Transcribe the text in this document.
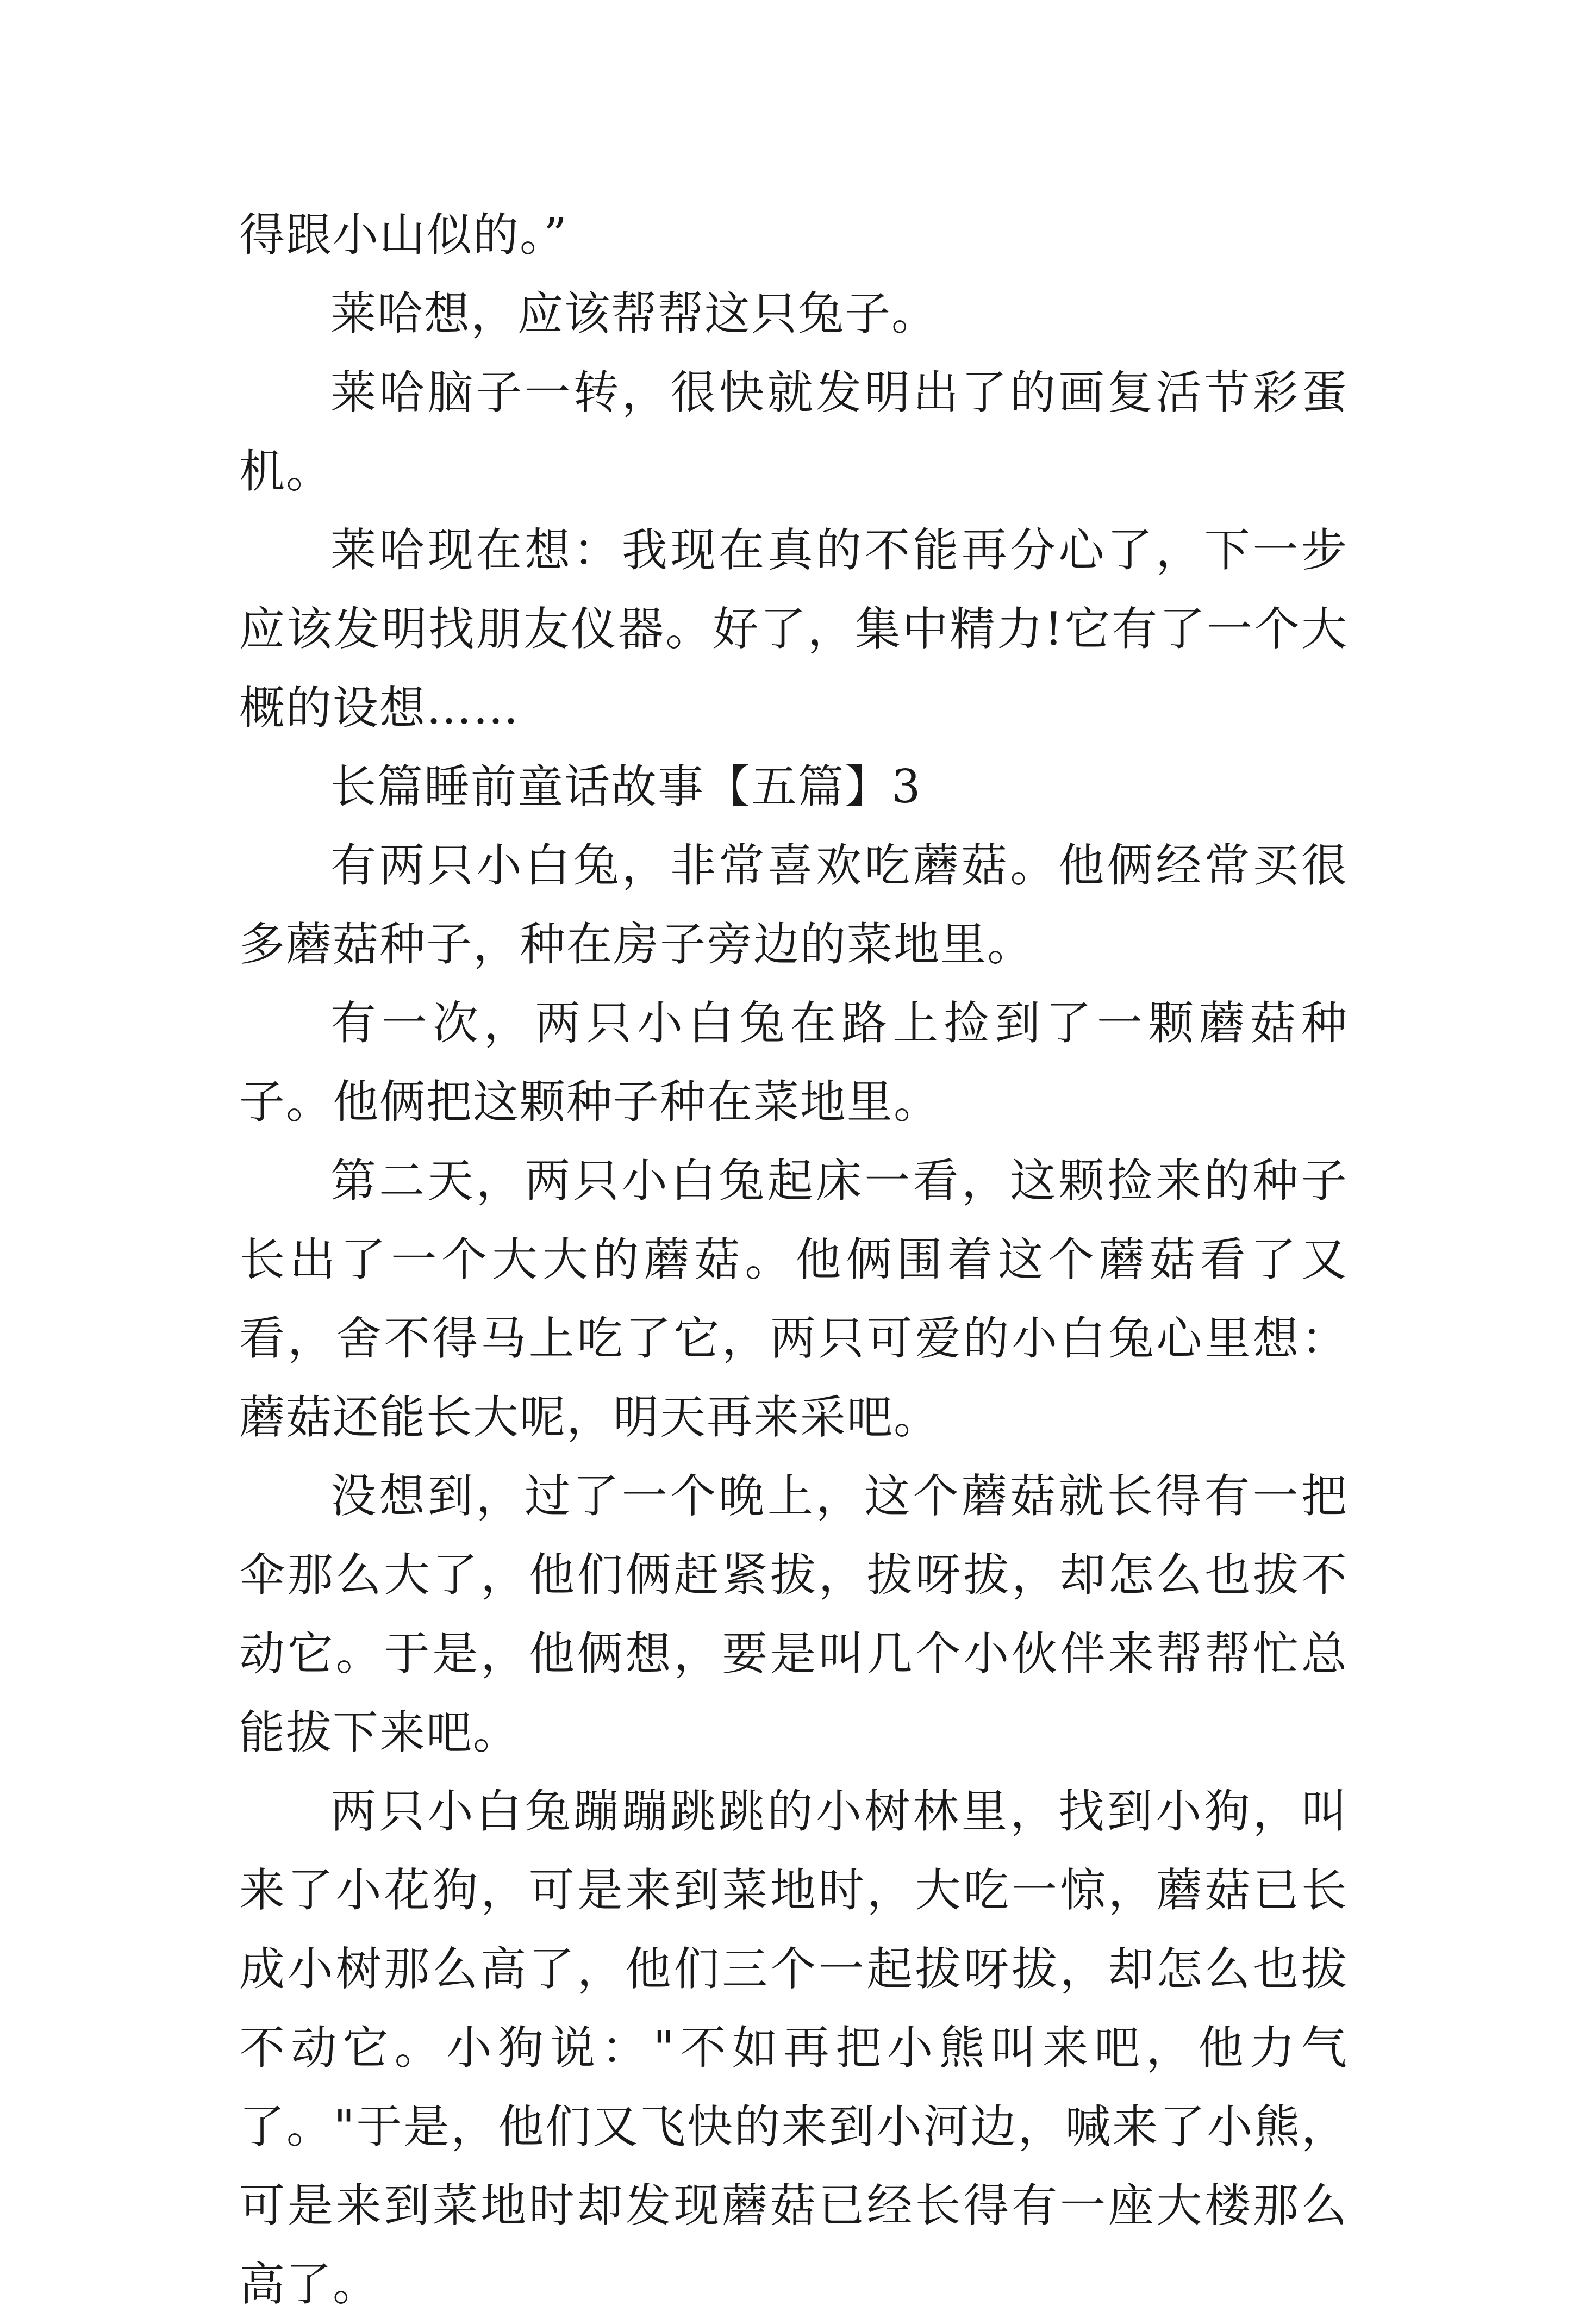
得跟小山似的。”

莱哈想，应该帮帮这只兔子。

莱哈脑子一转，很快就发明出了的画复活节彩蛋机。

莱哈现在想：我现在真的不能再分心了，下一步应该发明找朋友仪器。好了，集中精力!它有了一个大概的设想……

长篇睡前童话故事【五篇】3

有两只小白兔，非常喜欢吃蘑菇。他俩经常买很多蘑菇种子，种在房子旁边的菜地里。

有一次，两只小白兔在路上捡到了一颗蘑菇种子。他俩把这颗种子种在菜地里。

第二天，两只小白兔起床一看，这颗捡来的种子长出了一个大大的蘑菇。他俩围着这个蘑菇看了又看，舍不得马上吃了它，两只可爱的小白兔心里想：蘑菇还能长大呢，明天再来采吧。

没想到，过了一个晚上，这个蘑菇就长得有一把伞那么大了，他们俩赶紧拔，拔呀拔，却怎么也拔不动它。于是，他俩想，要是叫几个小伙伴来帮帮忙总能拔下来吧。

两只小白兔蹦蹦跳跳的小树林里，找到小狗，叫来了小花狗，可是来到菜地时，大吃一惊，蘑菇已长成小树那么高了，他们三个一起拔呀拔，却怎么也拔不动它。小狗说："不如再把小熊叫来吧，他力气了。"于是，他们又飞快的来到小河边，喊来了小熊，可是来到菜地时却发现蘑菇已经长得有一座大楼那么高了。
